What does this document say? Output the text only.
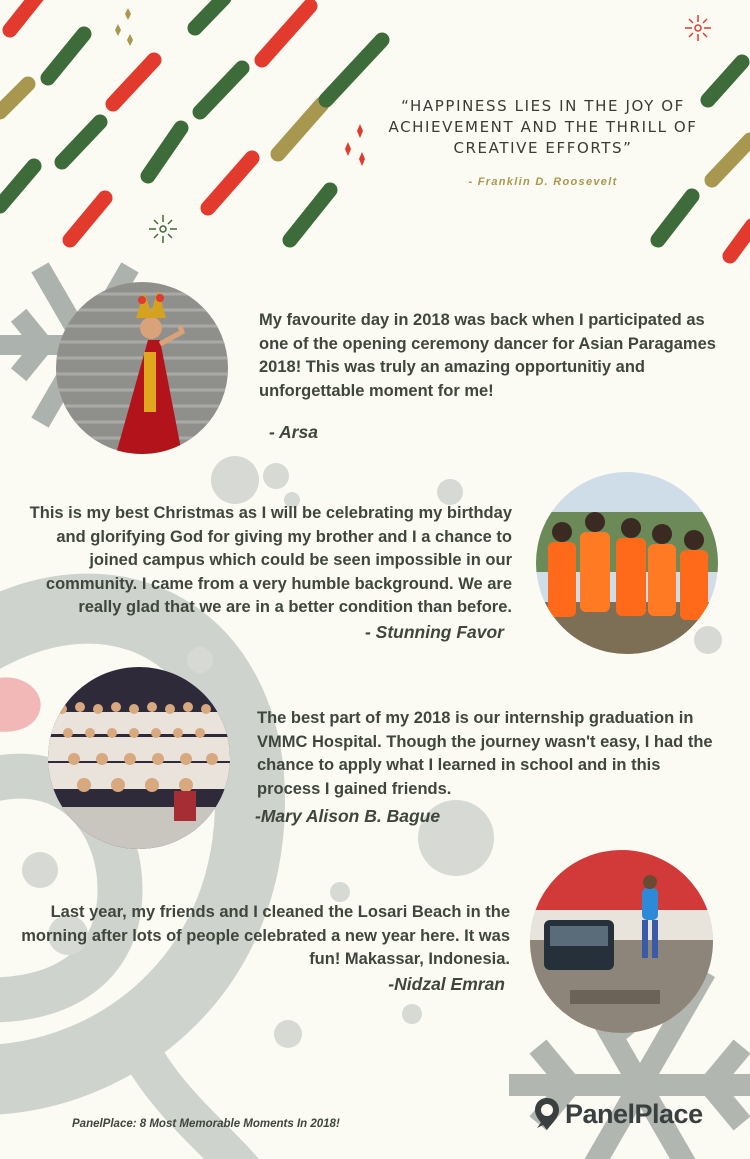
“HAPPINESS LIES IN THE JOY OF ACHIEVEMENT AND THE THRILL OF CREATIVE EFFORTS”
- Franklin D. Roosevelt
My favourite day in 2018 was back when I participated as one of the opening ceremony dancer for Asian Paragames 2018! This was truly an amazing opportunitiy and unforgettable moment for me!
- Arsa
This is my best Christmas as I will be celebrating my birthday and glorifying God for giving my brother and I a chance to joined campus which could be seen impossible in our community. I came from a very humble background. We are really glad that we are in a better condition than before.
- Stunning Favor
The best part of my 2018 is our internship graduation in VMMC Hospital. Though the journey wasn't easy, I had the chance to apply what I learned in school and in this process I gained friends.
-Mary Alison B. Bague
Last year, my friends and I cleaned the Losari Beach in the morning after lots of people celebrated a new year here. It was fun! Makassar, Indonesia.
-Nidzal Emran
PanelPlace: 8 Most Memorable Moments In 2018!	PanelPlace
